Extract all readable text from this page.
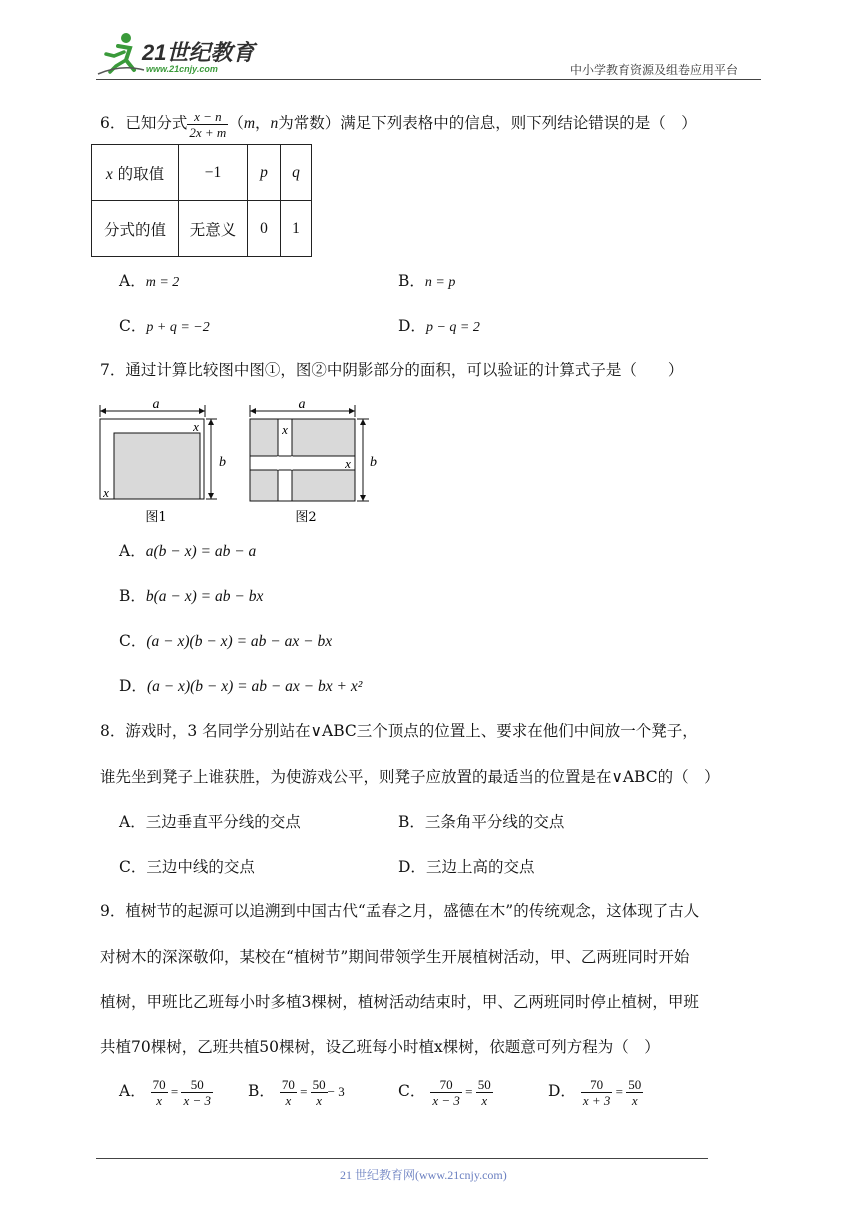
21世纪教育
www.21cnjy.com	中小学教育资源及组卷应用平台
6．已知分式 $\frac{x - n}{2x + m} (m$，n为常数）满足下列表格中的信息，则下列结论错误的是（　）
x 的取值	−1	p	q
分式的值	无意义	0	1
A．m = 2	B．n = p
C．p + q = −2	D．p − q = 2
7．通过计算比较图中图①，图②中阴影部分的面积，可以验证的计算式子是（　　）
a
x
x
b
图1
a
x
x b
图2
A．a(b − x) = ab − a
B．b(a − x) = ab − bx
C．(a − x)(b − x) = ab − ax − bx
D．(a − x)(b − x) = ab − ax − bx + x²
8．游戏时，3 名同学分别站在∨ABC三个顶点的位置上、要求在他们中间放一个凳子，
谁先坐到凳子上谁获胜，为使游戏公平，则凳子应放置的最适当的位置是在∨ABC的（　）
A．三边垂直平分线的交点	B．三条角平分线的交点
C．三边中线的交点	D．三边上高的交点
9．植树节的起源可以追溯到中国古代“孟春之月，盛德在木”的传统观念，这体现了古人
对树木的深深敬仰，某校在“植树节”期间带领学生开展植树活动，甲、乙两班同时开始
植树，甲班比乙班每小时多植3棵树，植树活动结束时，甲、乙两班同时停止植树，甲班
共植70棵树，乙班共植50棵树，设乙班每小时植x棵树，依题意可列方程为（　）
A． $\frac{70}{x} = \frac{50}{x - 3}$ B． $\frac{70}{x} = \frac{50}{x} - 3$	C． $\frac{70}{x - 3} = \frac{50}{x}$	D． $\frac{70}{x + 3} = \frac{50}{x}$
21 世纪教育网(www.21cnjy.com)
